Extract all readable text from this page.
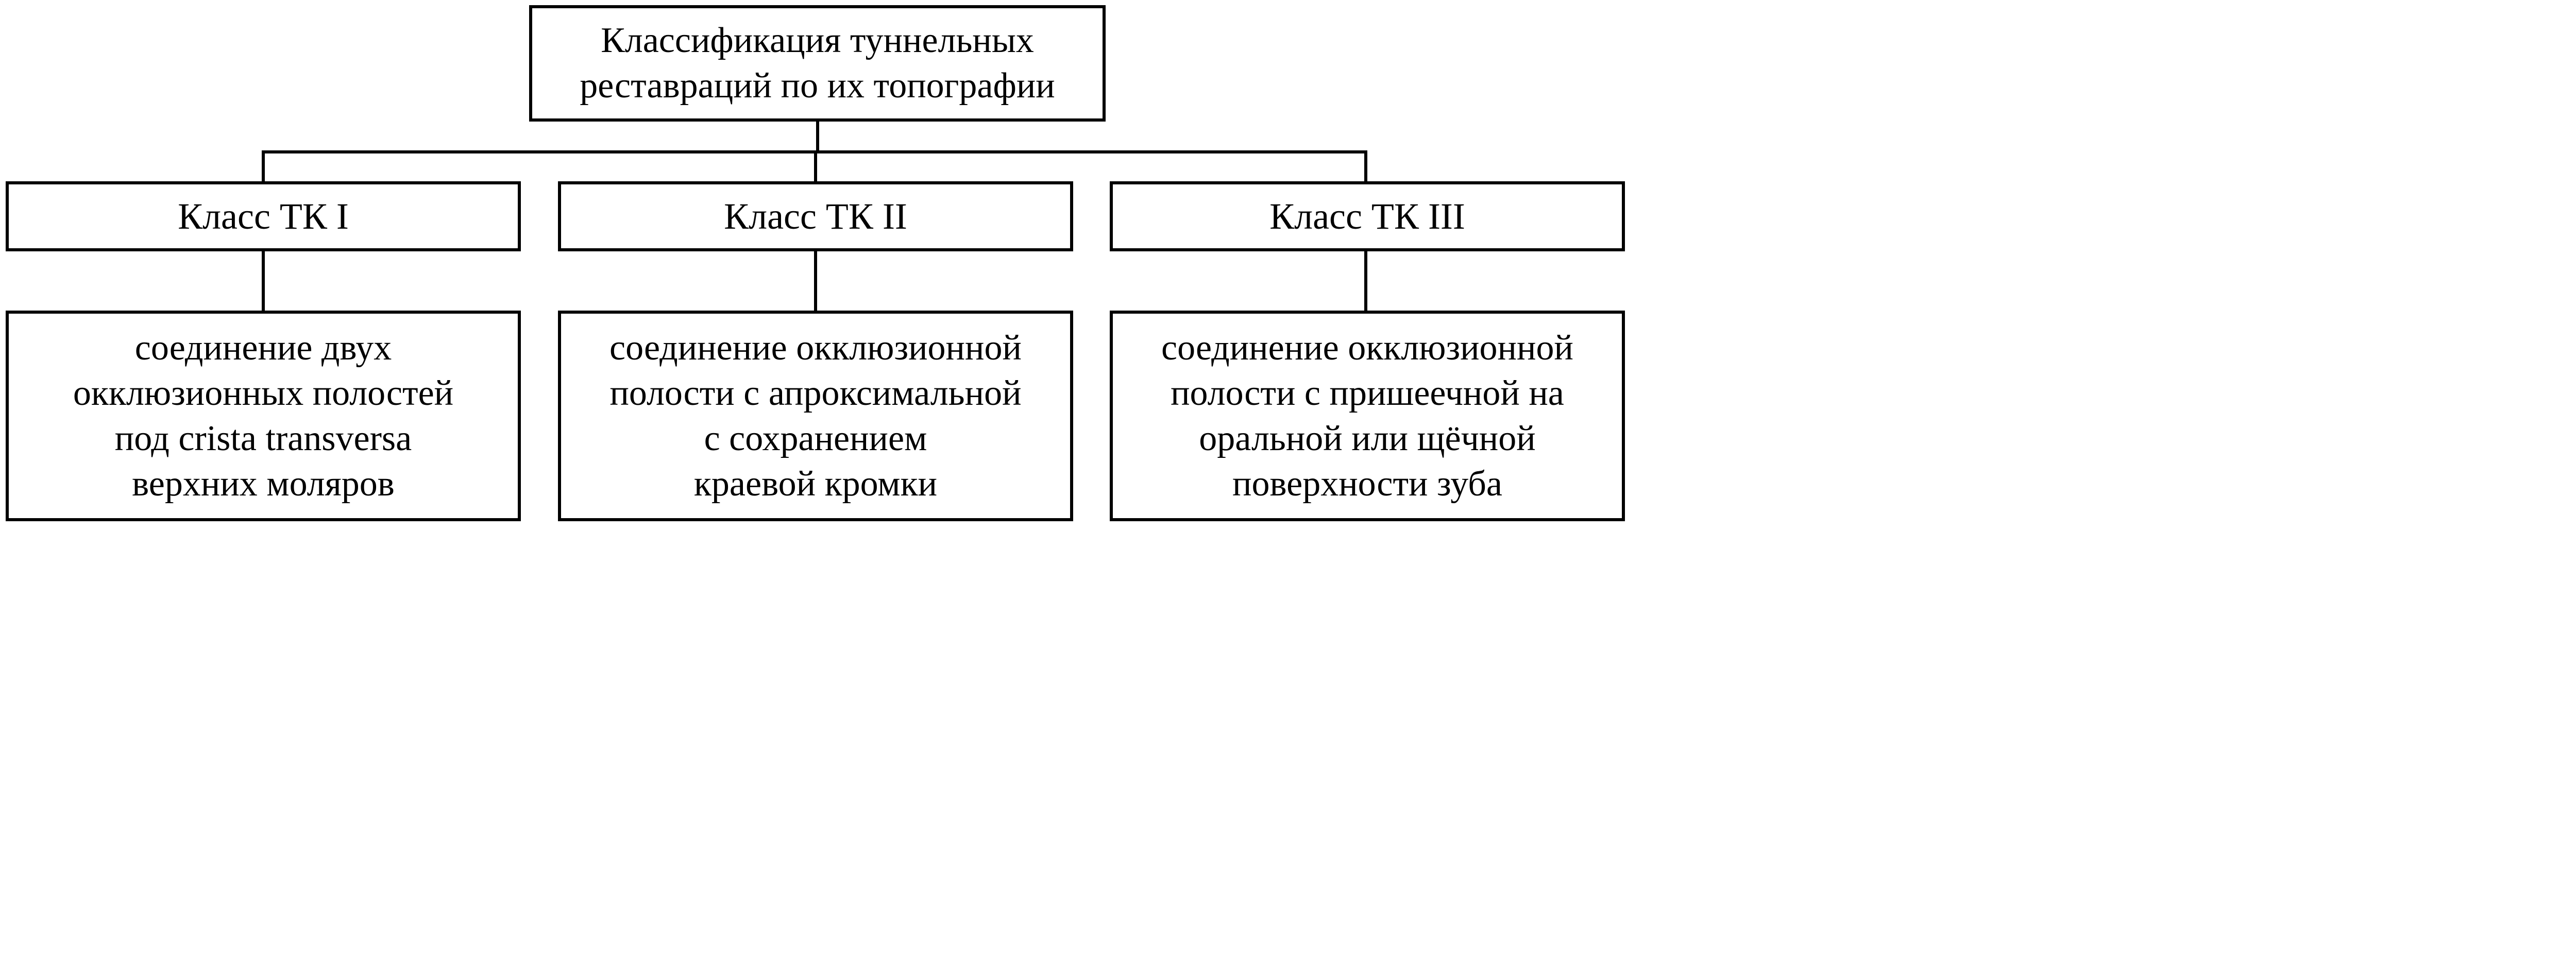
Классификация туннельных
реставраций по их топографии
Класс ТК I	Класс ТК II	Класс ТК III
соединение двух
окклюзионных полостей
под crista transversa
верхних моляров
соединение окклюзионной
полости с апроксимальной
с сохранением
краевой кромки
соединение окклюзионной
полости с пришеечной на
оральной или щёчной
поверхности зуба
